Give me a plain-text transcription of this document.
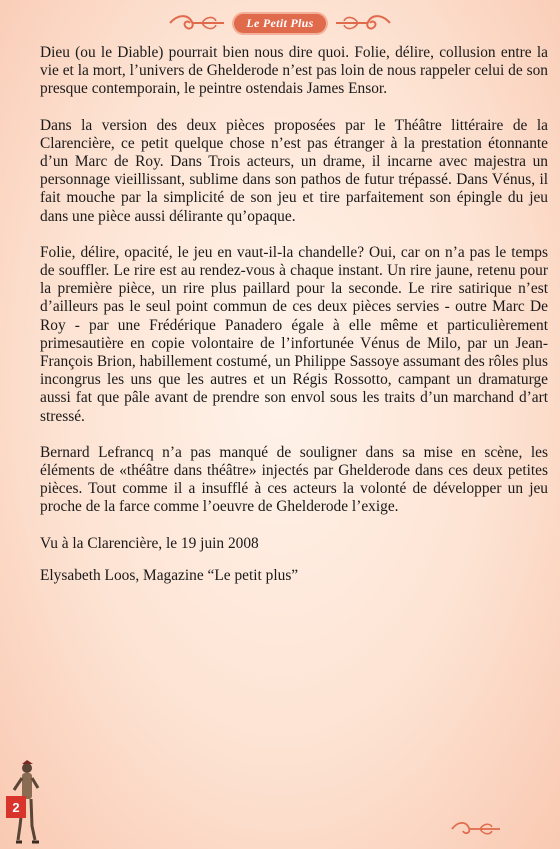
Le Petit Plus

Dieu (ou le Diable) pourrait bien nous dire quoi. Folie, délire, collusion entre la vie et la mort, l’univers de Ghelderode n’est pas loin de nous rappeler celui de son presque contemporain, le peintre ostendais James Ensor.

Dans la version des deux pièces proposées par le Théâtre littéraire de la Clarencière, ce petit quelque chose n’est pas étranger à la prestation étonnante d’un Marc de Roy. Dans Trois acteurs, un drame, il incarne avec majestra un personnage vieillissant, sublime dans son pathos de futur trépassé. Dans Vénus, il fait mouche par la simplicité de son jeu et tire parfaitement son épingle du jeu dans une pièce aussi délirante qu’opaque.

Folie, délire, opacité, le jeu en vaut-il-la chandelle? Oui, car on n’a pas le temps de souffler. Le rire est au rendez-vous à chaque instant. Un rire jaune, retenu pour la première pièce, un rire plus paillard pour la seconde. Le rire satirique n’est d’ailleurs pas le seul point commun de ces deux pièces servies - outre Marc De Roy - par une Frédérique Panadero égale à elle même et particulièrement primesautière en copie volontaire de l’infortunée Vénus de Milo, par un Jean-François Brion, habillement costumé, un Philippe Sassoye assumant des rôles plus incongrus les uns que les autres et un Régis Rossotto, campant un dramaturge aussi fat que pâle avant de prendre son envol sous les traits d’un marchand d’art stressé.

Bernard Lefrancq n’a pas manqué de souligner dans sa mise en scène, les éléments de «théâtre dans théâtre» injectés par Ghelderode dans ces deux petites pièces. Tout comme il a insufflé à ces acteurs la volonté de développer un jeu proche de la farce comme l’oeuvre de Ghelderode l’exige.

Vu à la Clarencière, le 19 juin 2008

Elysabeth Loos, Magazine “Le petit plus”

2
